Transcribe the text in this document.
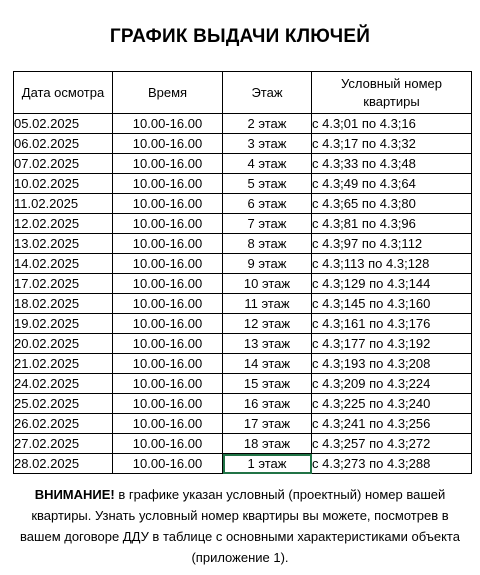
ГРАФИК ВЫДАЧИ КЛЮЧЕЙ
Дата осмотра	Время	Этаж	Условный номер
квартиры
05.02.2025	10.00-16.00	2 этаж	с 4.3;01 по 4.3;16
06.02.2025	10.00-16.00	3 этаж	с 4.3;17 по 4.3;32
07.02.2025	10.00-16.00	4 этаж	с 4.3;33 по 4.3;48
10.02.2025	10.00-16.00	5 этаж	с 4.3;49 по 4.3;64
11.02.2025	10.00-16.00	6 этаж	с 4.3;65 по 4.3;80
12.02.2025	10.00-16.00	7 этаж	с 4.3;81 по 4.3;96
13.02.2025	10.00-16.00	8 этаж	с 4.3;97 по 4.3;112
14.02.2025	10.00-16.00	9 этаж	с 4.3;113 по 4.3;128
17.02.2025	10.00-16.00	10 этаж	с 4.3;129 по 4.3;144
18.02.2025	10.00-16.00	11 этаж	с 4.3;145 по 4.3;160
19.02.2025	10.00-16.00	12 этаж	с 4.3;161 по 4.3;176
20.02.2025	10.00-16.00	13 этаж	с 4.3;177 по 4.3;192
21.02.2025	10.00-16.00	14 этаж	с 4.3;193 по 4.3;208
24.02.2025	10.00-16.00	15 этаж	с 4.3;209 по 4.3;224
25.02.2025	10.00-16.00	16 этаж	с 4.3;225 по 4.3;240
26.02.2025	10.00-16.00	17 этаж	с 4.3;241 по 4.3;256
27.02.2025	10.00-16.00	18 этаж	с 4.3;257 по 4.3;272
28.02.2025	10.00-16.00	1 этаж	с 4.3;273 по 4.3;288
ВНИМАНИЕ! в графике указан условный (проектный) номер вашей квартиры. Узнать условный номер квартиры вы можете, посмотрев в вашем договоре ДДУ в таблице с основными характеристиками объекта (приложение 1).
